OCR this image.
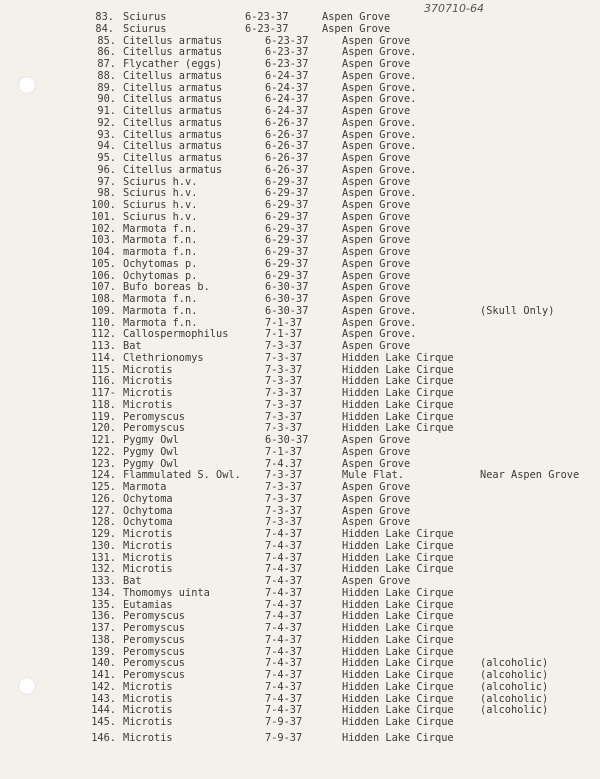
370710-64
83. Sciurus	6-23-37	Aspen Grove
84. Sciurus	6-23-37	Aspen Grove
85. Citellus armatus	6-23-37	Aspen Grove
86. Citellus armatus	6-23-37	Aspen Grove.
87. Flycather (eggs)	6-23-37	Aspen Grove
88. Citellus armatus	6-24-37	Aspen Grove.
89. Citellus armatus	6-24-37	Aspen Grove.
90. Citellus armatus	6-24-37	Aspen Grove.
91. Citellus armatus	6-24-37	Aspen Grove
92. Citellus armatus	6-26-37	Aspen Grove.
93. Citellus armatus	6-26-37	Aspen Grove.
94. Citellus armatus	6-26-37	Aspen Grove.
95. Citellus armatus	6-26-37	Aspen Grove
96. Citellus armatus	6-26-37	Aspen Grove.
97. Sciurus h.v.	6-29-37	Aspen Grove
98. Sciurus h.v.	6-29-37	Aspen Grove.
100. Sciurus h.v.	6-29-37	Aspen Grove
101. Sciurus h.v.	6-29-37	Aspen Grove
102. Marmota f.n.	6-29-37	Aspen Grove
103. Marmota f.n.	6-29-37	Aspen Grove
104. marmota f.n.	6-29-37	Aspen Grove
105. Ochytomas p.	6-29-37	Aspen Grove
106. Ochytomas p.	6-29-37	Aspen Grove
107. Bufo boreas b.	6-30-37	Aspen Grove
108. Marmota f.n.	6-30-37	Aspen Grove
109. Marmota f.n.	6-30-37	Aspen Grove.	(Skull Only)
110. Marmota f.n.	7-1-37	Aspen Grove.
112. Callospermophilus	7-1-37	Aspen Grove.
113. Bat	7-3-37	Aspen Grove
114. Clethrionomys	7-3-37	Hidden Lake Cirque
115. Microtis	7-3-37	Hidden Lake Cirque
116. Microtis	7-3-37	Hidden Lake Cirque
117- Microtis	7-3-37	Hidden Lake Cirque
118. Microtis	7-3-37	Hidden Lake Cirque
119. Peromyscus	7-3-37	Hidden Lake Cirque
120. Peromyscus	7-3-37	Hidden Lake Cirque
121. Pygmy Owl	6-30-37	Aspen Grove
122. Pygmy Owl	7-1-37	Aspen Grove
123. Pygmy Owl	7-4.37	Aspen Grove
124. Flammulated S. Owl. 7-3-37	Mule Flat.	Near Aspen Grove
125. Marmota	7-3-37	Aspen Grove
126. Ochytoma	7-3-37	Aspen Grove
127. Ochytoma	7-3-37	Aspen Grove
128. Ochytoma	7-3-37	Aspen Grove
129. Microtis	7-4-37	Hidden Lake Cirque
130. Microtis	7-4-37	Hidden Lake Cirque
131. Microtis	7-4-37	Hidden Lake Cirque
132. Microtis	7-4-37	Hidden Lake Cirque
133. Bat	7-4-37	Aspen Grove
134. Thomomys uinta	7-4-37	Hidden Lake Cirque
135. Eutamias	7-4-37	Hidden Lake Cirque
136. Peromyscus	7-4-37	Hidden Lake Cirque
137. Peromyscus	7-4-37	Hidden Lake Cirque
138. Peromyscus	7-4-37	Hidden Lake Cirque
139. Peromyscus	7-4-37	Hidden Lake Cirque
140. Peromyscus	7-4-37	Hidden Lake Cirque	(alcoholic)
141. Peromyscus	7-4-37	Hidden Lake Cirque	(alcoholic)
142. Microtis	7-4-37	Hidden Lake Cirque	(alcoholic)
143. Microtis	7-4-37	Hidden Lake Cirque	(alcoholic)
144. Microtis	7-4-37	Hidden Lake Cirque	(alcoholic)
145. Microtis	7-9-37	Hidden Lake Cirque
146. Microtis	7-9-37	Hidden Lake Cirque
